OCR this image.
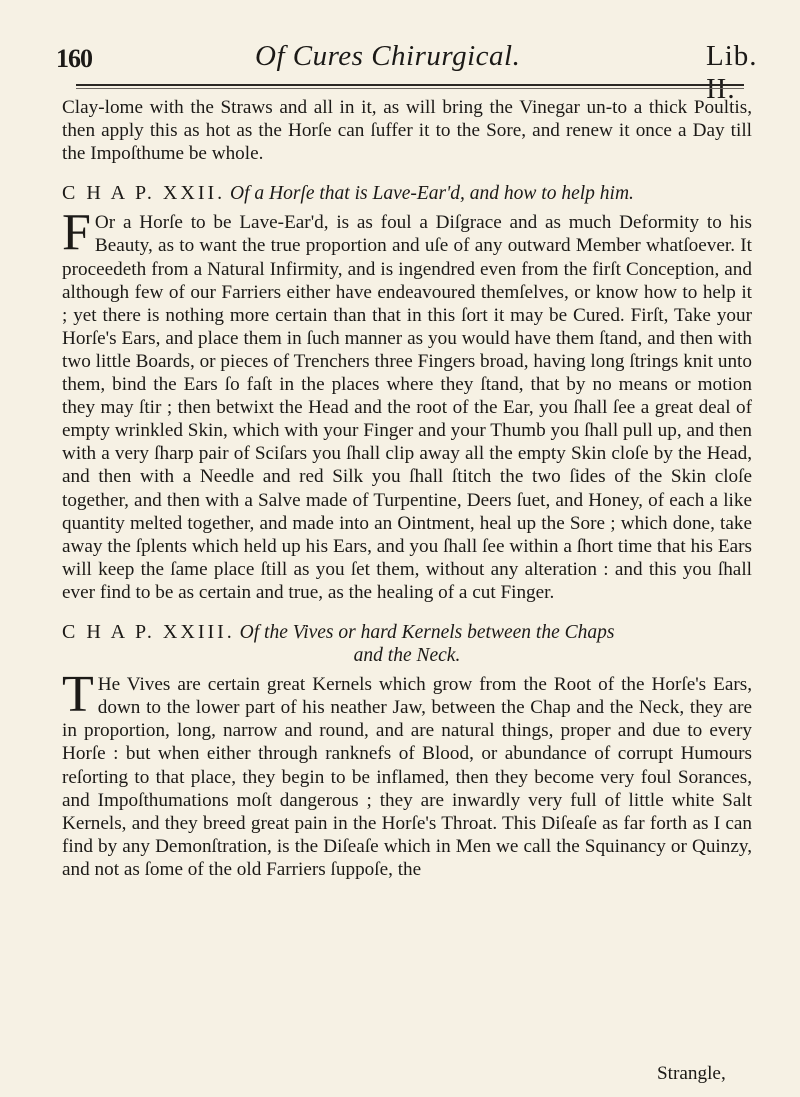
160	Of Cures Chirurgical.	Lib. II.

Clay-lome with the Straws and all in it, as will bring the Vinegar un-to a thick Poultis, then apply this as hot as the Horſe can ſuffer it to the Sore, and renew it once a Day till the Impoſthume be whole.

C H A P. XXII. Of a Horſe that is Lave-Ear'd, and how to help him.

F Or a Horſe to be Lave-Ear'd, is as foul a Diſgrace and as much Deformity to his Beauty, as to want the true proportion and uſe of any outward Member whatſoever. It proceedeth from a Natural Infirmity, and is ingendred even from the firſt Conception, and although few of our Farriers either have endeavoured themſelves, or know how to help it ; yet there is nothing more certain than that in this ſort it may be Cured. Firſt, Take your Horſe's Ears, and place them in ſuch manner as you would have them ſtand, and then with two little Boards, or pieces of Trenchers three Fingers broad, having long ſtrings knit unto them, bind the Ears ſo faſt in the places where they ſtand, that by no means or motion they may ſtir ; then betwixt the Head and the root of the Ear, you ſhall ſee a great deal of empty wrinkled Skin, which with your Finger and your Thumb you ſhall pull up, and then with a very ſharp pair of Sciſars you ſhall clip away all the empty Skin cloſe by the Head, and then with a Needle and red Silk you ſhall ſtitch the two ſides of the Skin cloſe together, and then with a Salve made of Turpentine, Deers ſuet, and Honey, of each a like quantity melted together, and made into an Ointment, heal up the Sore ; which done, take away the ſplents which held up his Ears, and you ſhall ſee within a ſhort time that his Ears will keep the ſame place ſtill as you ſet them, without any alteration : and this you ſhall ever find to be as certain and true, as the healing of a cut Finger.

C H A P. XXIII. Of the Vives or hard Kernels between the Chaps
and the Neck.

T He Vives are certain great Kernels which grow from the Root of the Horſe's Ears, down to the lower part of his neather Jaw, between the Chap and the Neck, they are in proportion, long, narrow and round, and are natural things, proper and due to every Horſe : but when either through ranknefs of Blood, or abundance of corrupt Humours reſorting to that place, they begin to be inflamed, then they become very foul Sorances, and Impoſthumations moſt dangerous ; they are inwardly very full of little white Salt Kernels, and they breed great pain in the Horſe's Throat. This Diſeaſe as far forth as I can find by any Demonſtration, is the Diſeaſe which in Men we call the Squinancy or Quinzy, and not as ſome of the old Farriers ſuppoſe, the

Strangle,
